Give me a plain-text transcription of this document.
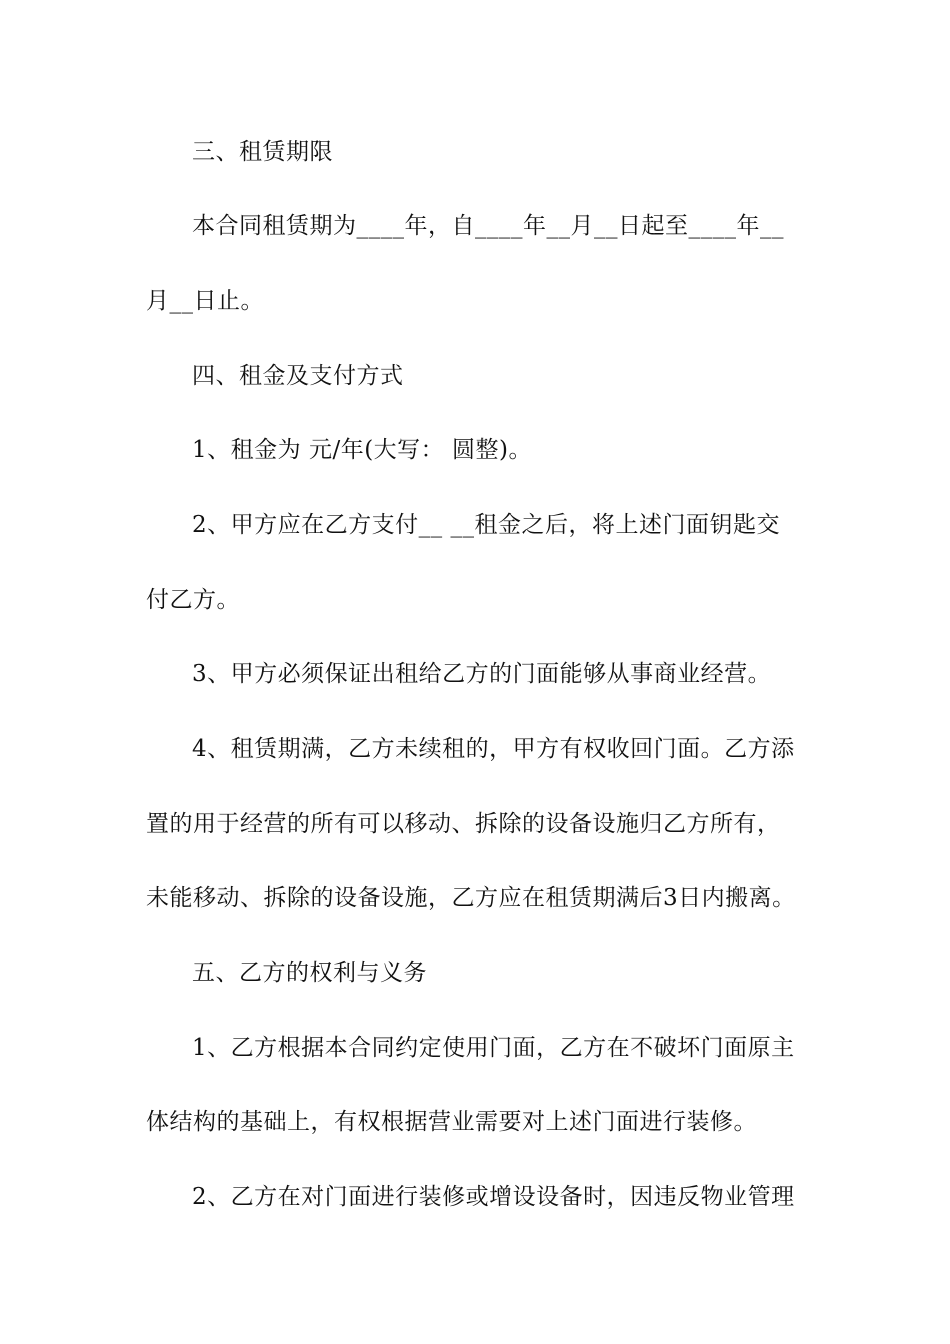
三、租赁期限
本合同租赁期为____年，自____年__月__日起至____年__
月__日止。
四、租金及支付方式
1、租金为 元/年(大写： 圆整)。
2、甲方应在乙方支付__ __租金之后，将上述门面钥匙交
付乙方。
3、甲方必须保证出租给乙方的门面能够从事商业经营。
4、租赁期满，乙方未续租的，甲方有权收回门面。乙方添
置的用于经营的所有可以移动、拆除的设备设施归乙方所有，
未能移动、拆除的设备设施，乙方应在租赁期满后3日内搬离。
五、乙方的权利与义务
1、乙方根据本合同约定使用门面，乙方在不破坏门面原主
体结构的基础上，有权根据营业需要对上述门面进行装修。
2、乙方在对门面进行装修或增设设备时，因违反物业管理
